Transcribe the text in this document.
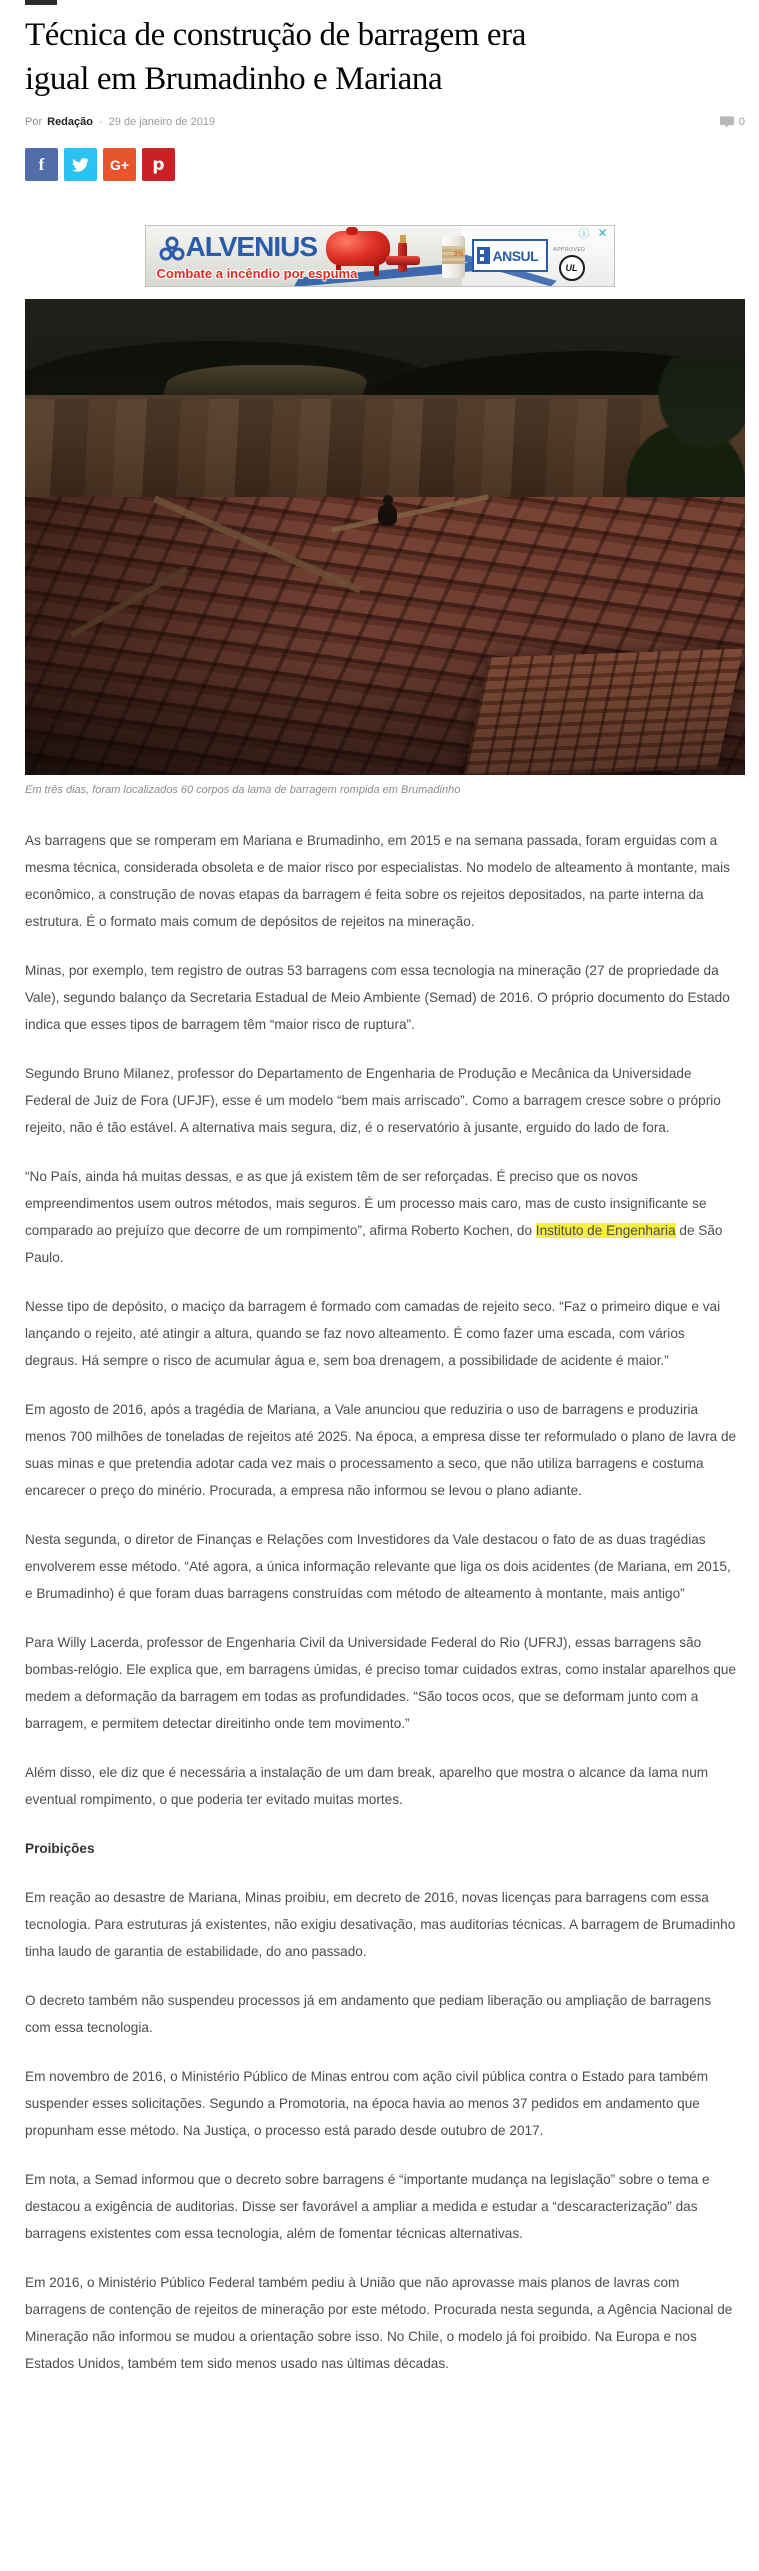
Técnica de construção de barragem era igual em Brumadinho e Mariana
Por Redação - 29 de janeiro de 2019	0
f	G+ p
ALVENIUS	3%
Combate a incêndio por espuma
ANSUL	APPROVED
UL
ⓘ ✕
Em três dias, foram localizados 60 corpos da lama de barragem rompida em Brumadinho

As barragens que se romperam em Mariana e Brumadinho, em 2015 e na semana passada, foram erguidas com a mesma técnica, considerada obsoleta e de maior risco por especialistas. No modelo de alteamento à montante, mais econômico, a construção de novas etapas da barragem é feita sobre os rejeitos depositados, na parte interna da estrutura. É o formato mais comum de depósitos de rejeitos na mineração.

Minas, por exemplo, tem registro de outras 53 barragens com essa tecnologia na mineração (27 de propriedade da Vale), segundo balanço da Secretaria Estadual de Meio Ambiente (Semad) de 2016. O próprio documento do Estado indica que esses tipos de barragem têm “maior risco de ruptura”.

Segundo Bruno Milanez, professor do Departamento de Engenharia de Produção e Mecânica da Universidade Federal de Juiz de Fora (UFJF), esse é um modelo “bem mais arriscado”. Como a barragem cresce sobre o próprio rejeito, não é tão estável. A alternativa mais segura, diz, é o reservatório à jusante, erguido do lado de fora.

“No País, ainda há muitas dessas, e as que já existem têm de ser reforçadas. É preciso que os novos empreendimentos usem outros métodos, mais seguros. É um processo mais caro, mas de custo insignificante se comparado ao prejuízo que decorre de um rompimento”, afirma Roberto Kochen, do Instituto de Engenharia de São Paulo.

Nesse tipo de depósito, o maciço da barragem é formado com camadas de rejeito seco. “Faz o primeiro dique e vai lançando o rejeito, até atingir a altura, quando se faz novo alteamento. É como fazer uma escada, com vários degraus. Há sempre o risco de acumular água e, sem boa drenagem, a possibilidade de acidente é maior.”

Em agosto de 2016, após a tragédia de Mariana, a Vale anunciou que reduziria o uso de barragens e produziria menos 700 milhões de toneladas de rejeitos até 2025. Na época, a empresa disse ter reformulado o plano de lavra de suas minas e que pretendia adotar cada vez mais o processamento a seco, que não utiliza barragens e costuma encarecer o preço do minério. Procurada, a empresa não informou se levou o plano adiante.

Nesta segunda, o diretor de Finanças e Relações com Investidores da Vale destacou o fato de as duas tragédias envolverem esse método. “Até agora, a única informação relevante que liga os dois acidentes (de Mariana, em 2015, e Brumadinho) é que foram duas barragens construídas com método de alteamento à montante, mais antigo”

Para Willy Lacerda, professor de Engenharia Civil da Universidade Federal do Rio (UFRJ), essas barragens são bombas-relógio. Ele explica que, em barragens úmidas, é preciso tomar cuidados extras, como instalar aparelhos que medem a deformação da barragem em todas as profundidades. “São tocos ocos, que se deformam junto com a barragem, e permitem detectar direitinho onde tem movimento.”

Além disso, ele diz que é necessária a instalação de um dam break, aparelho que mostra o alcance da lama num eventual rompimento, o que poderia ter evitado muitas mortes.

Proibições

Em reação ao desastre de Mariana, Minas proibiu, em decreto de 2016, novas licenças para barragens com essa tecnologia. Para estruturas já existentes, não exigiu desativação, mas auditorias técnicas. A barragem de Brumadinho tinha laudo de garantia de estabilidade, do ano passado.

O decreto também não suspendeu processos já em andamento que pediam liberação ou ampliação de barragens com essa tecnologia.

Em novembro de 2016, o Ministério Público de Minas entrou com ação civil pública contra o Estado para também suspender esses solicitações. Segundo a Promotoria, na época havia ao menos 37 pedidos em andamento que propunham esse método. Na Justiça, o processo está parado desde outubro de 2017.

Em nota, a Semad informou que o decreto sobre barragens é “importante mudança na legislação” sobre o tema e destacou a exigência de auditorias. Disse ser favorável a ampliar a medida e estudar a “descaracterização” das barragens existentes com essa tecnologia, além de fomentar técnicas alternativas.

Em 2016, o Ministério Público Federal também pediu à União que não aprovasse mais planos de lavras com barragens de contenção de rejeitos de mineração por este método. Procurada nesta segunda, a Agência Nacional de Mineração não informou se mudou a orientação sobre isso. No Chile, o modelo já foi proibido. Na Europa e nos Estados Unidos, também tem sido menos usado nas últimas décadas.
